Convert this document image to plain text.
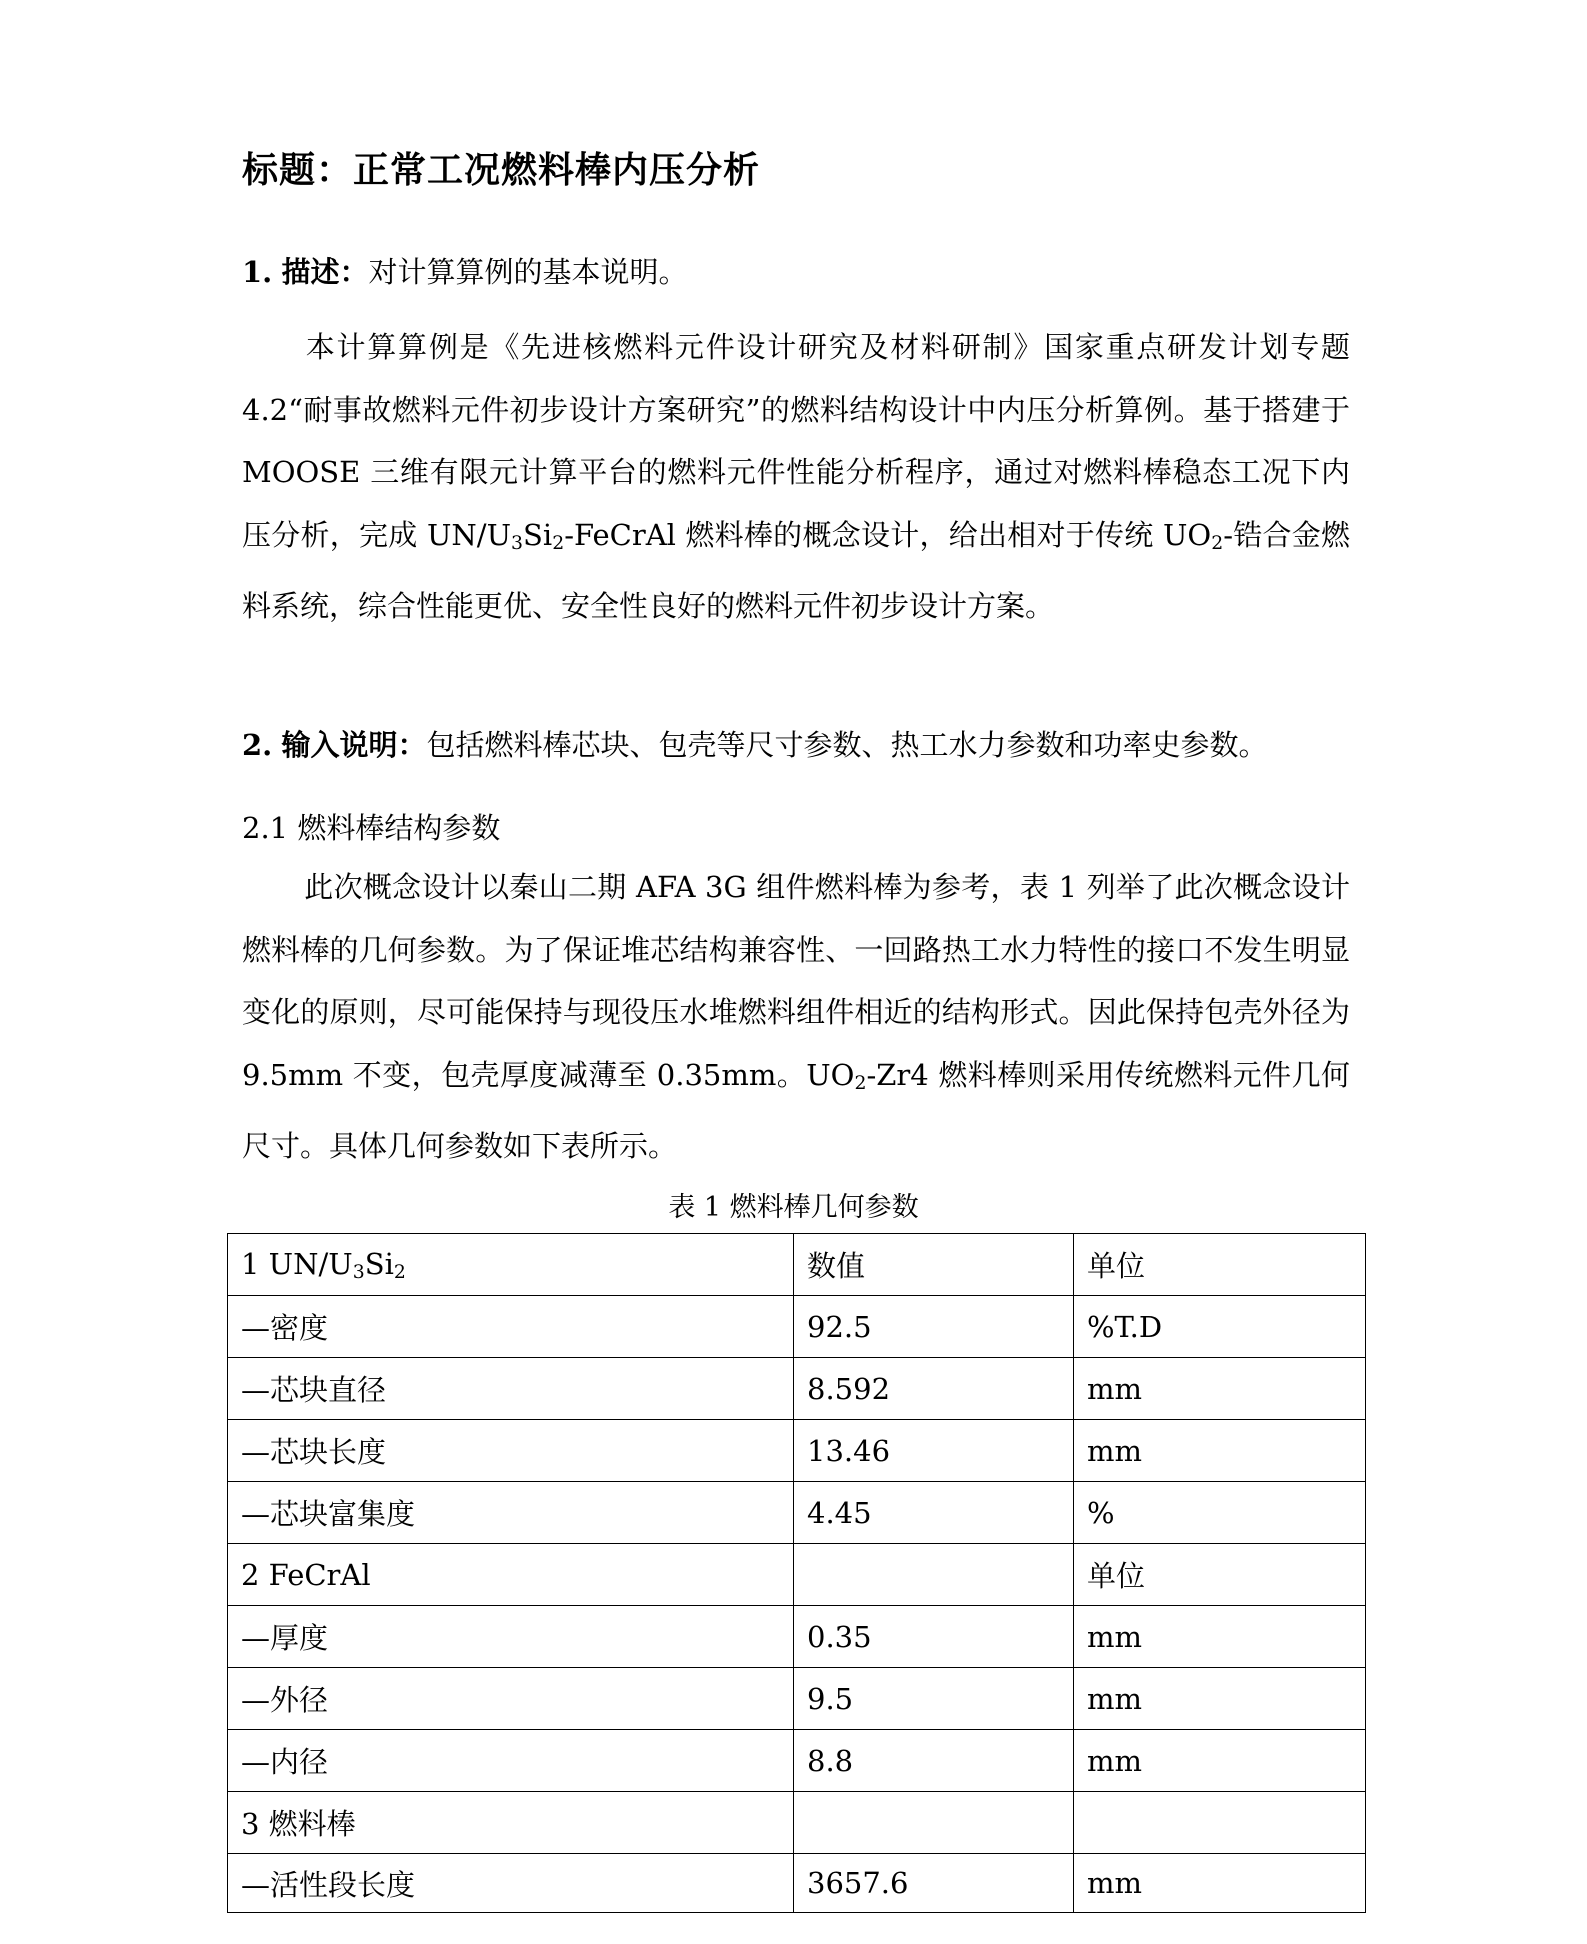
标题：正常工况燃料棒内压分析
1. 描述：对计算算例的基本说明。
本计算算例是《先进核燃料元件设计研究及材料研制》国家重点研发计划专题 4.2“耐事故燃料元件初步设计方案研究”的燃料结构设计中内压分析算例。基于搭建于 MOOSE 三维有限元计算平台的燃料元件性能分析程序，通过对燃料棒稳态工况下内压分析，完成 $UN/U_3Si_2$-FeCrAl 燃料棒的概念设计，给出相对于传统 $UO_2-$锆合金燃料系统，综合性能更优、安全性良好的燃料元件初步设计方案。
2. 输入说明：包括燃料棒芯块、包壳等尺寸参数、热工水力参数和功率史参数。
2.1 燃料棒结构参数
此次概念设计以秦山二期 AFA 3G 组件燃料棒为参考，表 1 列举了此次概念设计燃料棒的几何参数。为了保证堆芯结构兼容性、一回路热工水力特性的接口不发生明显变化的原则，尽可能保持与现役压水堆燃料组件相近的结构形式。因此保持包壳外径为 9.5mm 不变，包壳厚度减薄至 0.35mm。$UO_2-Zr4$ 燃料棒则采用传统燃料元件几何尺寸。具体几何参数如下表所示。
表 1 燃料棒几何参数
1 $UN/U_3Si_2$	数值	单位
—密度	92.5	%T.D
—芯块直径	8.592	mm
—芯块长度	13.46	mm
—芯块富集度	4.45	%
2 FeCrAl		单位
—厚度	0.35	mm
—外径	9.5	mm
—内径	8.8	mm
3 燃料棒		
—活性段长度	3657.6	mm
